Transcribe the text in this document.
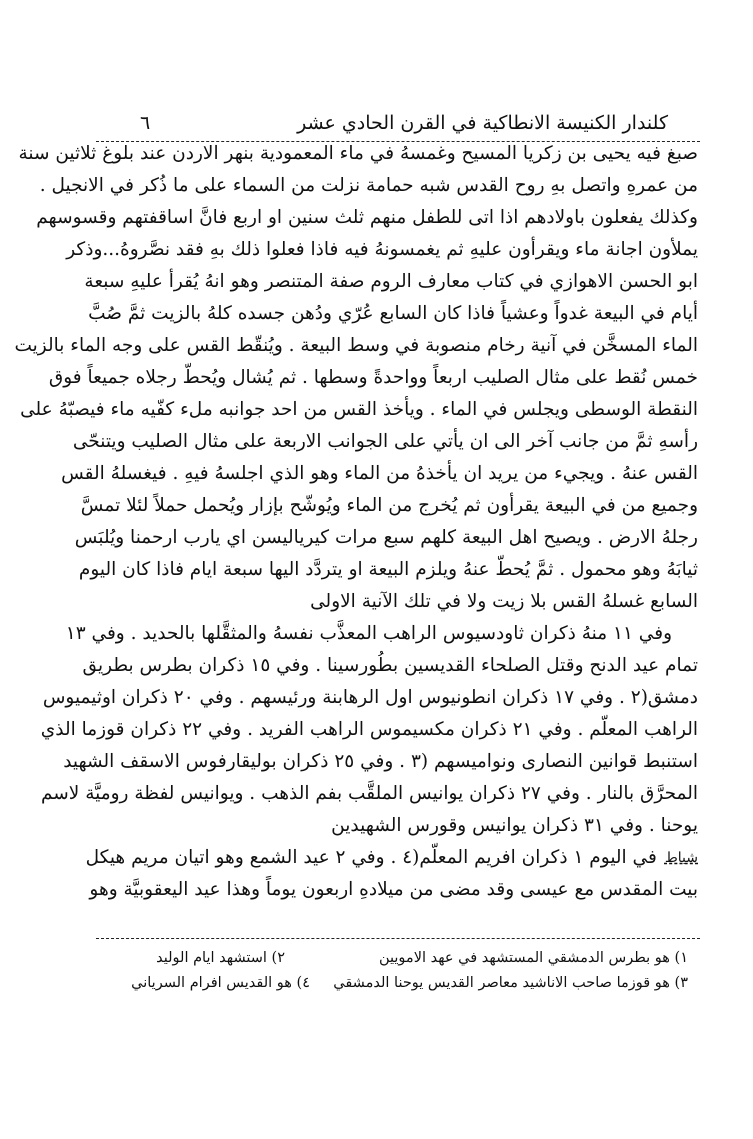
كلندار الكنيسة الانطاكية في القرن الحادي عشر
٦
صبغ فيه يحيى بن زكريا المسيح وغمسهُ في ماء المعمودية بنهر الاردن عند بلوغ ثلاثين سنة
من عمرهِ واتصل بهِ روح القدس شبه حمامة نزلت من السماء على ما ذُكر في الانجيل .
وكذلك يفعلون باولادهم اذا اتى للطفل منهم ثلث سنين او اربع فانَّ اساقفتهم وقسوسهم
يملأون اجانة ماء ويقرأون عليهِ ثم يغمسونهُ فيه فاذا فعلوا ذلك بهِ فقد نصَّروهُ...وذكر
ابو الحسن الاهوازي في كتاب معارف الروم صفة المتنصر وهو انهُ يُقرأ عليهِ سبعة
أيام في البيعة غدواً وعشياً فاذا كان السابع عُرّي ودُهن جسده كلهُ بالزيت ثمَّ صُبَّ
الماء المسخَّن في آنية رخام منصوبة في وسط البيعة . ويُنقّط القس على وجه الماء بالزيت
خمس نُقط على مثال الصليب اربعاً وواحدةً وسطها . ثم يُشال ويُحطّ رجلاه جميعاً فوق
النقطة الوسطى ويجلس في الماء . ويأخذ القس من احد جوانبه ملء كفّيه ماء فيصبّهُ على
رأسهِ ثمَّ من جانب آخر الى ان يأتي على الجوانب الاربعة على مثال الصليب ويتنحّى
القس عنهُ . ويجيء من يريد ان يأخذهُ من الماء وهو الذي اجلسهُ فيهِ . فيغسلهُ القس
وجميع من في البيعة يقرأون ثم يُخرج من الماء ويُوشّح بإزار ويُحمل حملاً لئلا تمسَّ
رجلهُ الارض . ويصيح اهل البيعة كلهم سبع مرات كيرياليسن اي يارب ارحمنا ويُلبَس
ثيابَهُ وهو محمول . ثمَّ يُحطّ عنهُ ويلزم البيعة او يتردَّد اليها سبعة ايام فاذا كان اليوم
السابع غسلهُ القس بلا زيت ولا في تلك الآنية الاولى
وفي ١١ منهُ ذكران ثاودسيوس الراهب المعذَّب نفسهُ والمثقَّلها بالحديد . وفي ١٣
تمام عيد الدنح وقتل الصلحاء القديسين بطُورسينا . وفي ١٥ ذكران بطرس بطريق
دمشق(٢ . وفي ١٧ ذكران انطونيوس اول الرهابنة ورئيسهم . وفي ٢٠ ذكران اوثيميوس
الراهب المعلّم . وفي ٢١ ذكران مكسيموس الراهب الفريد . وفي ٢٢ ذكران قوزما الذي
استنبط قوانين النصارى ونواميسهم (٣ . وفي ٢٥ ذكران بوليقارفوس الاسقف الشهيد
المحرَّق بالنار . وفي ٢٧ ذكران يوانيس الملقَّب بفم الذهب . ويوانيس لفظة روميَّة لاسم
يوحنا . وفي ٣١ ذكران يوانيس وقورس الشهيدين
شباط
في اليوم ١ ذكران افريم المعلّم(٤ . وفي ٢ عيد الشمع وهو اتيان مريم هيكل
بيت المقدس مع عيسى وقد مضى من ميلادهِ اربعون يوماً وهذا عيد اليعقوبيَّة وهو
١) هو بطرس الدمشقي المستشهد في عهد الامويين
٢) استشهد ايام الوليد
٣) هو قوزما صاحب الاناشيد معاصر القديس يوحنا الدمشقي
٤) هو القديس افرام السرياني
